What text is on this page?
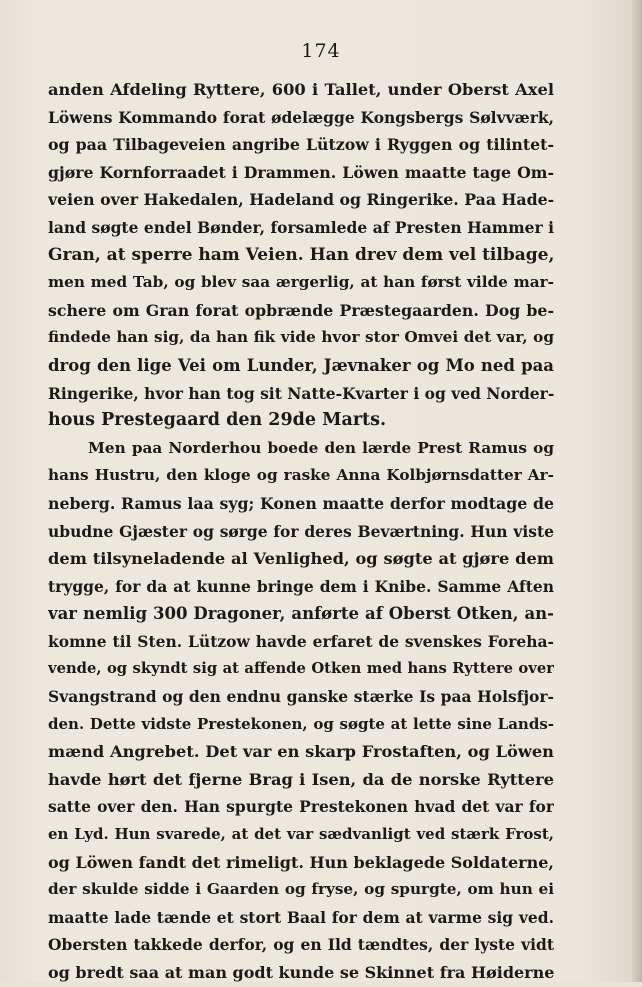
174
anden Afdeling Ryttere, 600 i Tallet, under Oberst Axel
Löwens Kommando forat ødelægge Kongsbergs Sølvværk,
og paa Tilbageveien angribe Lützow i Ryggen og tilintet-
gjøre Kornforraadet i Drammen. Löwen maatte tage Om-
veien over Hakedalen, Hadeland og Ringerike. Paa Hade-
land søgte endel Bønder, forsamlede af Presten Hammer i
Gran, at sperre ham Veien. Han drev dem vel tilbage,
men med Tab, og blev saa ærgerlig, at han først vilde mar-
schere om Gran forat opbrænde Præstegaarden. Dog be-
findede han sig, da han fik vide hvor stor Omvei det var, og
drog den lige Vei om Lunder, Jævnaker og Mo ned paa
Ringerike, hvor han tog sit Natte-Kvarter i og ved Norder-
hous Prestegaard den 29de Marts.
Men paa Norderhou boede den lærde Prest Ramus og
hans Hustru, den kloge og raske Anna Kolbjørnsdatter Ar-
neberg. Ramus laa syg; Konen maatte derfor modtage de
ubudne Gjæster og sørge for deres Beværtning. Hun viste
dem tilsyneladende al Venlighed, og søgte at gjøre dem
trygge, for da at kunne bringe dem i Knibe. Samme Aften
var nemlig 300 Dragoner, anførte af Oberst Otken, an-
komne til Sten. Lützow havde erfaret de svenskes Foreha-
vende, og skyndt sig at affende Otken med hans Ryttere over
Svangstrand og den endnu ganske stærke Is paa Holsfjor-
den. Dette vidste Prestekonen, og søgte at lette sine Lands-
mænd Angrebet. Det var en skarp Frostaften, og Löwen
havde hørt det fjerne Brag i Isen, da de norske Ryttere
satte over den. Han spurgte Prestekonen hvad det var for
en Lyd. Hun svarede, at det var sædvanligt ved stærk Frost,
og Löwen fandt det rimeligt. Hun beklagede Soldaterne,
der skulde sidde i Gaarden og fryse, og spurgte, om hun ei
maatte lade tænde et stort Baal for dem at varme sig ved.
Obersten takkede derfor, og en Ild tændtes, der lyste vidt
og bredt saa at man godt kunde se Skinnet fra Høiderne
